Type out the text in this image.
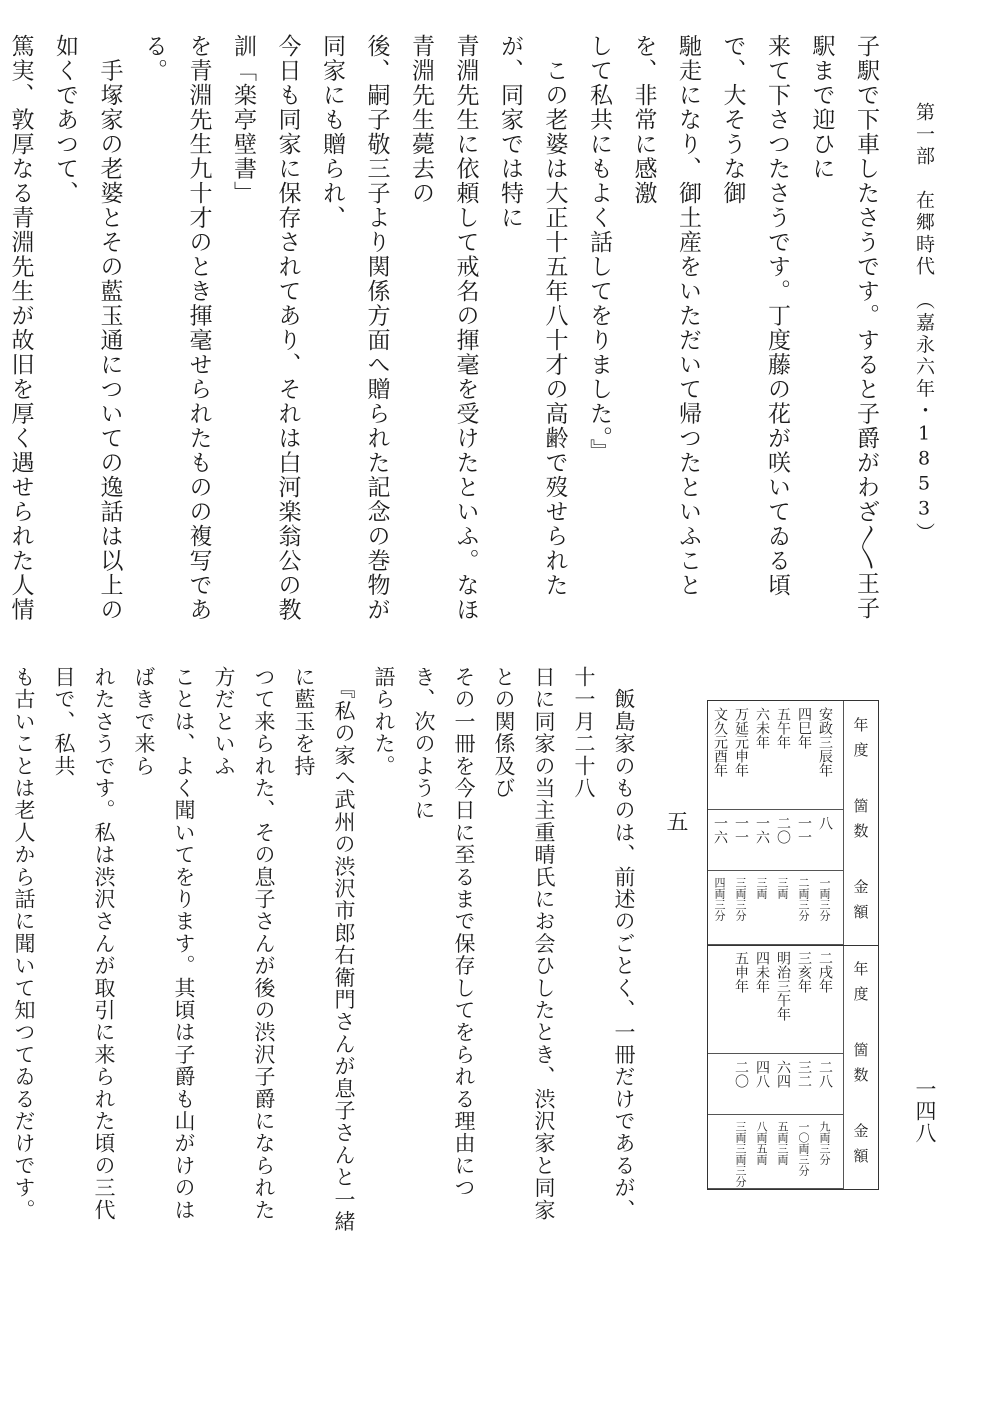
第一部　在郷時代　（嘉永六年・1853）
一四八

子駅で下車したさうです。すると子爵がわざ〳〵王子駅まで迎ひに

来て下さつたさうです。丁度藤の花が咲いてゐる頃で、大そうな御

馳走になり、御土産をいただいて帰つたといふことを、非常に感激

して私共にもよく話してをりました。』

　この老婆は大正十五年八十才の高齢で歿せられたが、同家では特に

青淵先生に依頼して戒名の揮毫を受けたといふ。なほ青淵先生薨去の

後、嗣子敬三子より関係方面へ贈られた記念の巻物が同家にも贈られ、

今日も同家に保存されてあり、それは白河楽翁公の教訓「楽亭壁書」

を青淵先生九十才のとき揮毫せられたものの複写である。

　手塚家の老婆とその藍玉通についての逸話は以上の如くであつて、

篤実、敦厚なる青淵先生が故旧を厚く遇せられた人情

年度
箇数
金額
年度
箇数
金額
安政三辰年
四巳年
五午年
六未年
万延元申年
文久元酉年
八
一一
二〇
一六
一一
一六
一両三分
二両三分
三両
三両
三両三分
四両三分
二戌年
三亥年
明治三午年
四未年
五申年
二八
三二
六四
四八
二〇
九両三分
一〇両三分
五両三両
八両五両
三両三両三分
五

　飯島家のものは、前述のごとく、一冊だけであるが、十一月二十八

日に同家の当主重晴氏にお会ひしたとき、渋沢家と同家との関係及び

その一冊を今日に至るまで保存してをられる理由につき、次のように

語られた。

　『私の家へ武州の渋沢市郎右衛門さんが息子さんと一緒に藍玉を持

つて来られた、その息子さんが後の渋沢子爵になられた方だといふ

ことは、よく聞いてをります。其頃は子爵も山がけのはばきで来ら

れたさうです。私は渋沢さんが取引に来られた頃の三代目で、私共

も古いことは老人から話に聞いて知つてゐるだけです。
